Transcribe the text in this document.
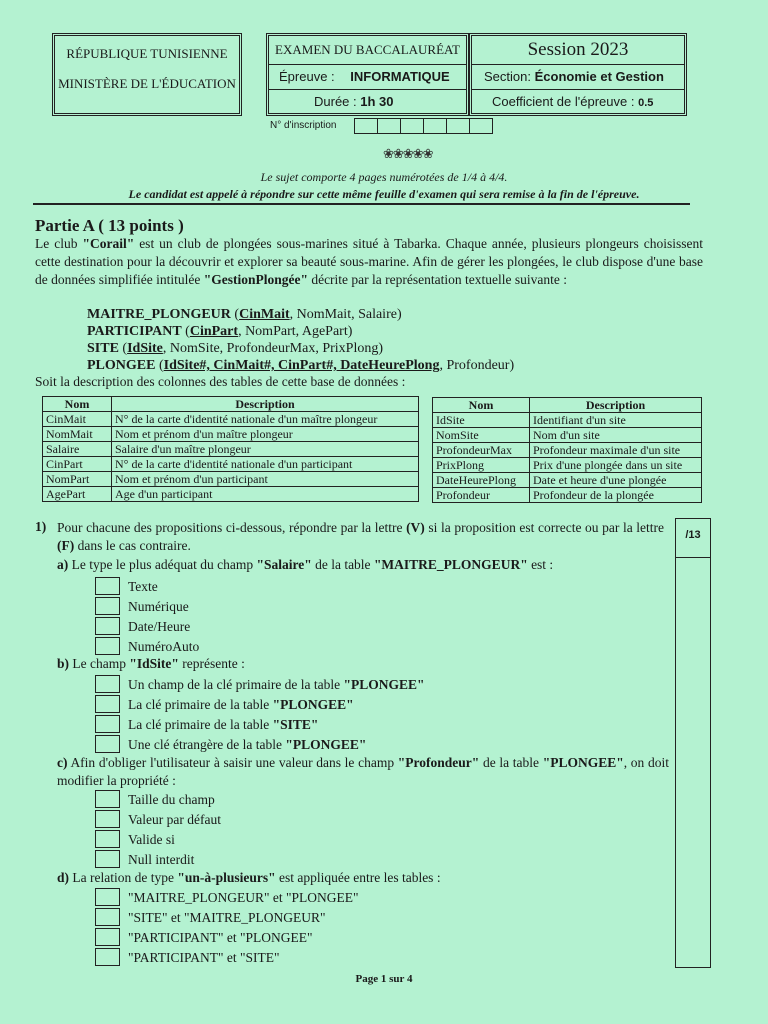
RÉPUBLIQUE TUNISIENNE
MINISTÈRE DE L'ÉDUCATION
EXAMEN DU BACCALAURÉAT
Épreuve : INFORMATIQUE
Durée : 1h 30
Session 2023
Section: Économie et Gestion
Coefficient de l'épreuve : 0.5
N° d'inscription
❀❀❀❀❀
Le sujet comporte 4 pages numérotées de 1/4 à 4/4.
Le candidat est appelé à répondre sur cette même feuille d'examen qui sera remise à la fin de l'épreuve.
Partie A ( 13 points )
Le club "Corail" est un club de plongées sous-marines situé à Tabarka. Chaque année, plusieurs plongeurs choisissent cette destination pour la découvrir et explorer sa beauté sous-marine. Afin de gérer les plongées, le club dispose d'une base de données simplifiée intitulée "GestionPlongée" décrite par la représentation textuelle suivante :
MAITRE_PLONGEUR (CinMait, NomMait, Salaire)
PARTICIPANT (CinPart, NomPart, AgePart)
SITE (IdSite, NomSite, ProfondeurMax, PrixPlong)
PLONGEE (IdSite#, CinMait#, CinPart#, DateHeurePlong, Profondeur)
Soit la description des colonnes des tables de cette base de données :
Nom	Description
CinMait	N° de la carte d'identité nationale d'un maître plongeur
NomMait	Nom et prénom d'un maître plongeur
Salaire	Salaire d'un maître plongeur
CinPart	N° de la carte d'identité nationale d'un participant
NomPart	Nom et prénom d'un participant
AgePart	Age d'un participant
Nom	Description
IdSite	Identifiant d'un site
NomSite	Nom d'un site
ProfondeurMax	Profondeur maximale d'un site
PrixPlong	Prix d'une plongée dans un site
DateHeurePlong	Date et heure d'une plongée
Profondeur	Profondeur de la plongée
/13
1) Pour chacune des propositions ci-dessous, répondre par la lettre (V) si la proposition est correcte ou par la lettre (F) dans le cas contraire.
a) Le type le plus adéquat du champ "Salaire" de la table "MAITRE_PLONGEUR" est :
Texte
Numérique
Date/Heure
NuméroAuto
b) Le champ "IdSite" représente :
Un champ de la clé primaire de la table "PLONGEE"
La clé primaire de la table "PLONGEE"
La clé primaire de la table "SITE"
Une clé étrangère de la table "PLONGEE"
c) Afin d'obliger l'utilisateur à saisir une valeur dans le champ "Profondeur" de la table "PLONGEE", on doit modifier la propriété :
Taille du champ
Valeur par défaut
Valide si
Null interdit
d) La relation de type "un-à-plusieurs" est appliquée entre les tables :
"MAITRE_PLONGEUR" et "PLONGEE"
"SITE" et "MAITRE_PLONGEUR"
"PARTICIPANT" et "PLONGEE"
"PARTICIPANT" et "SITE"
Page 1 sur 4
